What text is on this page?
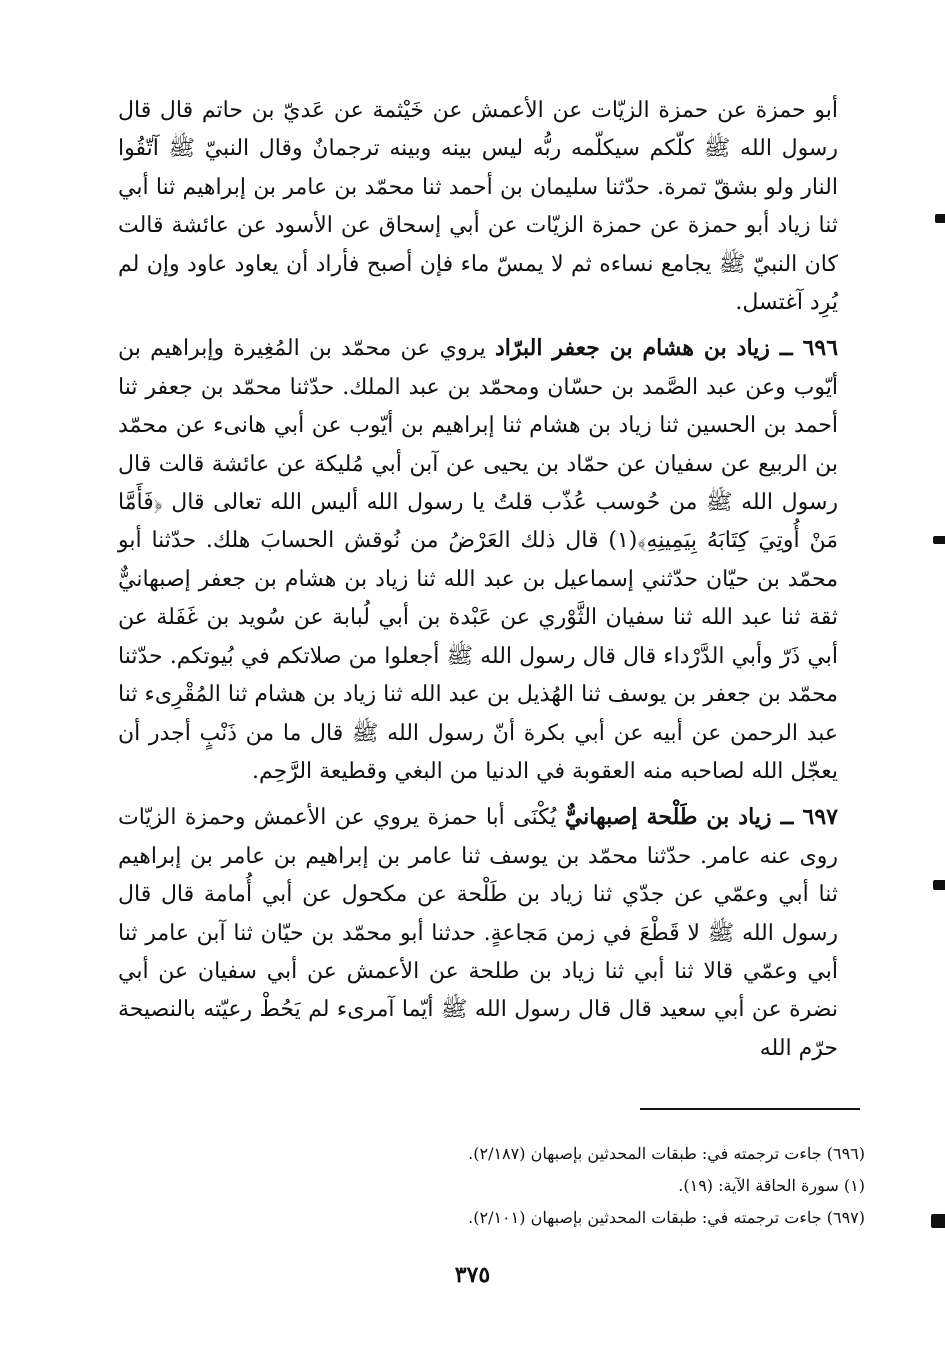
أبو حمزة عن حمزة الزيّات عن الأعمش عن خَيْثمة عن عَديّ بن حاتم قال قال رسول الله ﷺ كلّكم سيكلّمه ربُّه ليس بينه وبينه ترجمانٌ وقال النبيّ ﷺ آتّقُوا النار ولو بشقّ تمرة. حدّثنا سليمان بن أحمد ثنا محمّد بن عامر بن إبراهيم ثنا أبي ثنا زياد أبو حمزة عن حمزة الزيّات عن أبي إسحاق عن الأسود عن عائشة قالت كان النبيّ ﷺ يجامع نساءه ثم لا يمسّ ماء فإن أصبح فأراد أن يعاود عاود وإن لم يُرِد آغتسل.

٦٩٦ ــ زياد بن هشام بن جعفر البرّاد يروي عن محمّد بن المُغِيرة وإبراهيم بن أيّوب وعن عبد الصَّمد بن حسّان ومحمّد بن عبد الملك. حدّثنا محمّد بن جعفر ثنا أحمد بن الحسين ثنا زياد بن هشام ثنا إبراهيم بن أيّوب عن أبي هانىء عن محمّد بن الربيع عن سفيان عن حمّاد بن يحيى عن آبن أبي مُليكة عن عائشة قالت قال رسول الله ﷺ من حُوسب عُذّب قلتُ يا رسول الله أليس الله تعالى قال ﴿فَأَمَّا مَنْ أُوتِيَ كِتَابَهُ بِيَمِينِهِ﴾(١) قال ذلك العَرْضُ من نُوقش الحسابَ هلك. حدّثنا أبو محمّد بن حيّان حدّثني إسماعيل بن عبد الله ثنا زياد بن هشام بن جعفر إصبهانيٌّ ثقة ثنا عبد الله ثنا سفيان الثَّوْري عن عَبْدة بن أبي لُبابة عن سُويد بن غَفَلة عن أبي ذَرّ وأبي الدَّرْداء قال قال رسول الله ﷺ أجعلوا من صلاتكم في بُيوتكم. حدّثنا محمّد بن جعفر بن يوسف ثنا الهُذيل بن عبد الله ثنا زياد بن هشام ثنا المُقْرِىء ثنا عبد الرحمن عن أبيه عن أبي بكرة أنّ رسول الله ﷺ قال ما من ذَنْبٍ أجدر أن يعجّل الله لصاحبه منه العقوبة في الدنيا من البغي وقطيعة الرَّحِم.

٦٩٧ ــ زياد بن طَلْحة إصبهانيٌّ يُكْنَى أبا حمزة يروي عن الأعمش وحمزة الزيّات روى عنه عامر. حدّثنا محمّد بن يوسف ثنا عامر بن إبراهيم بن عامر بن إبراهيم ثنا أبي وعمّي عن جدّي ثنا زياد بن طَلْحة عن مكحول عن أبي أُمامة قال قال رسول الله ﷺ لا قَطْعَ في زمن مَجاعةٍ. حدثنا أبو محمّد بن حيّان ثنا آبن عامر ثنا أبي وعمّي قالا ثنا أبي ثنا زياد بن طلحة عن الأعمش عن أبي سفيان عن أبي نضرة عن أبي سعيد قال قال رسول الله ﷺ أيّما آمرىء لم يَحُطْ رعيّته بالنصيحة حرّم الله

(٦٩٦) جاءت ترجمته في: طبقات المحدثين بإصبهان (٢/١٨٧).

(١) سورة الحاقة الآية: (١٩).

(٦٩٧) جاءت ترجمته في: طبقات المحدثين بإصبهان (٢/١٠١).

٣٧٥
